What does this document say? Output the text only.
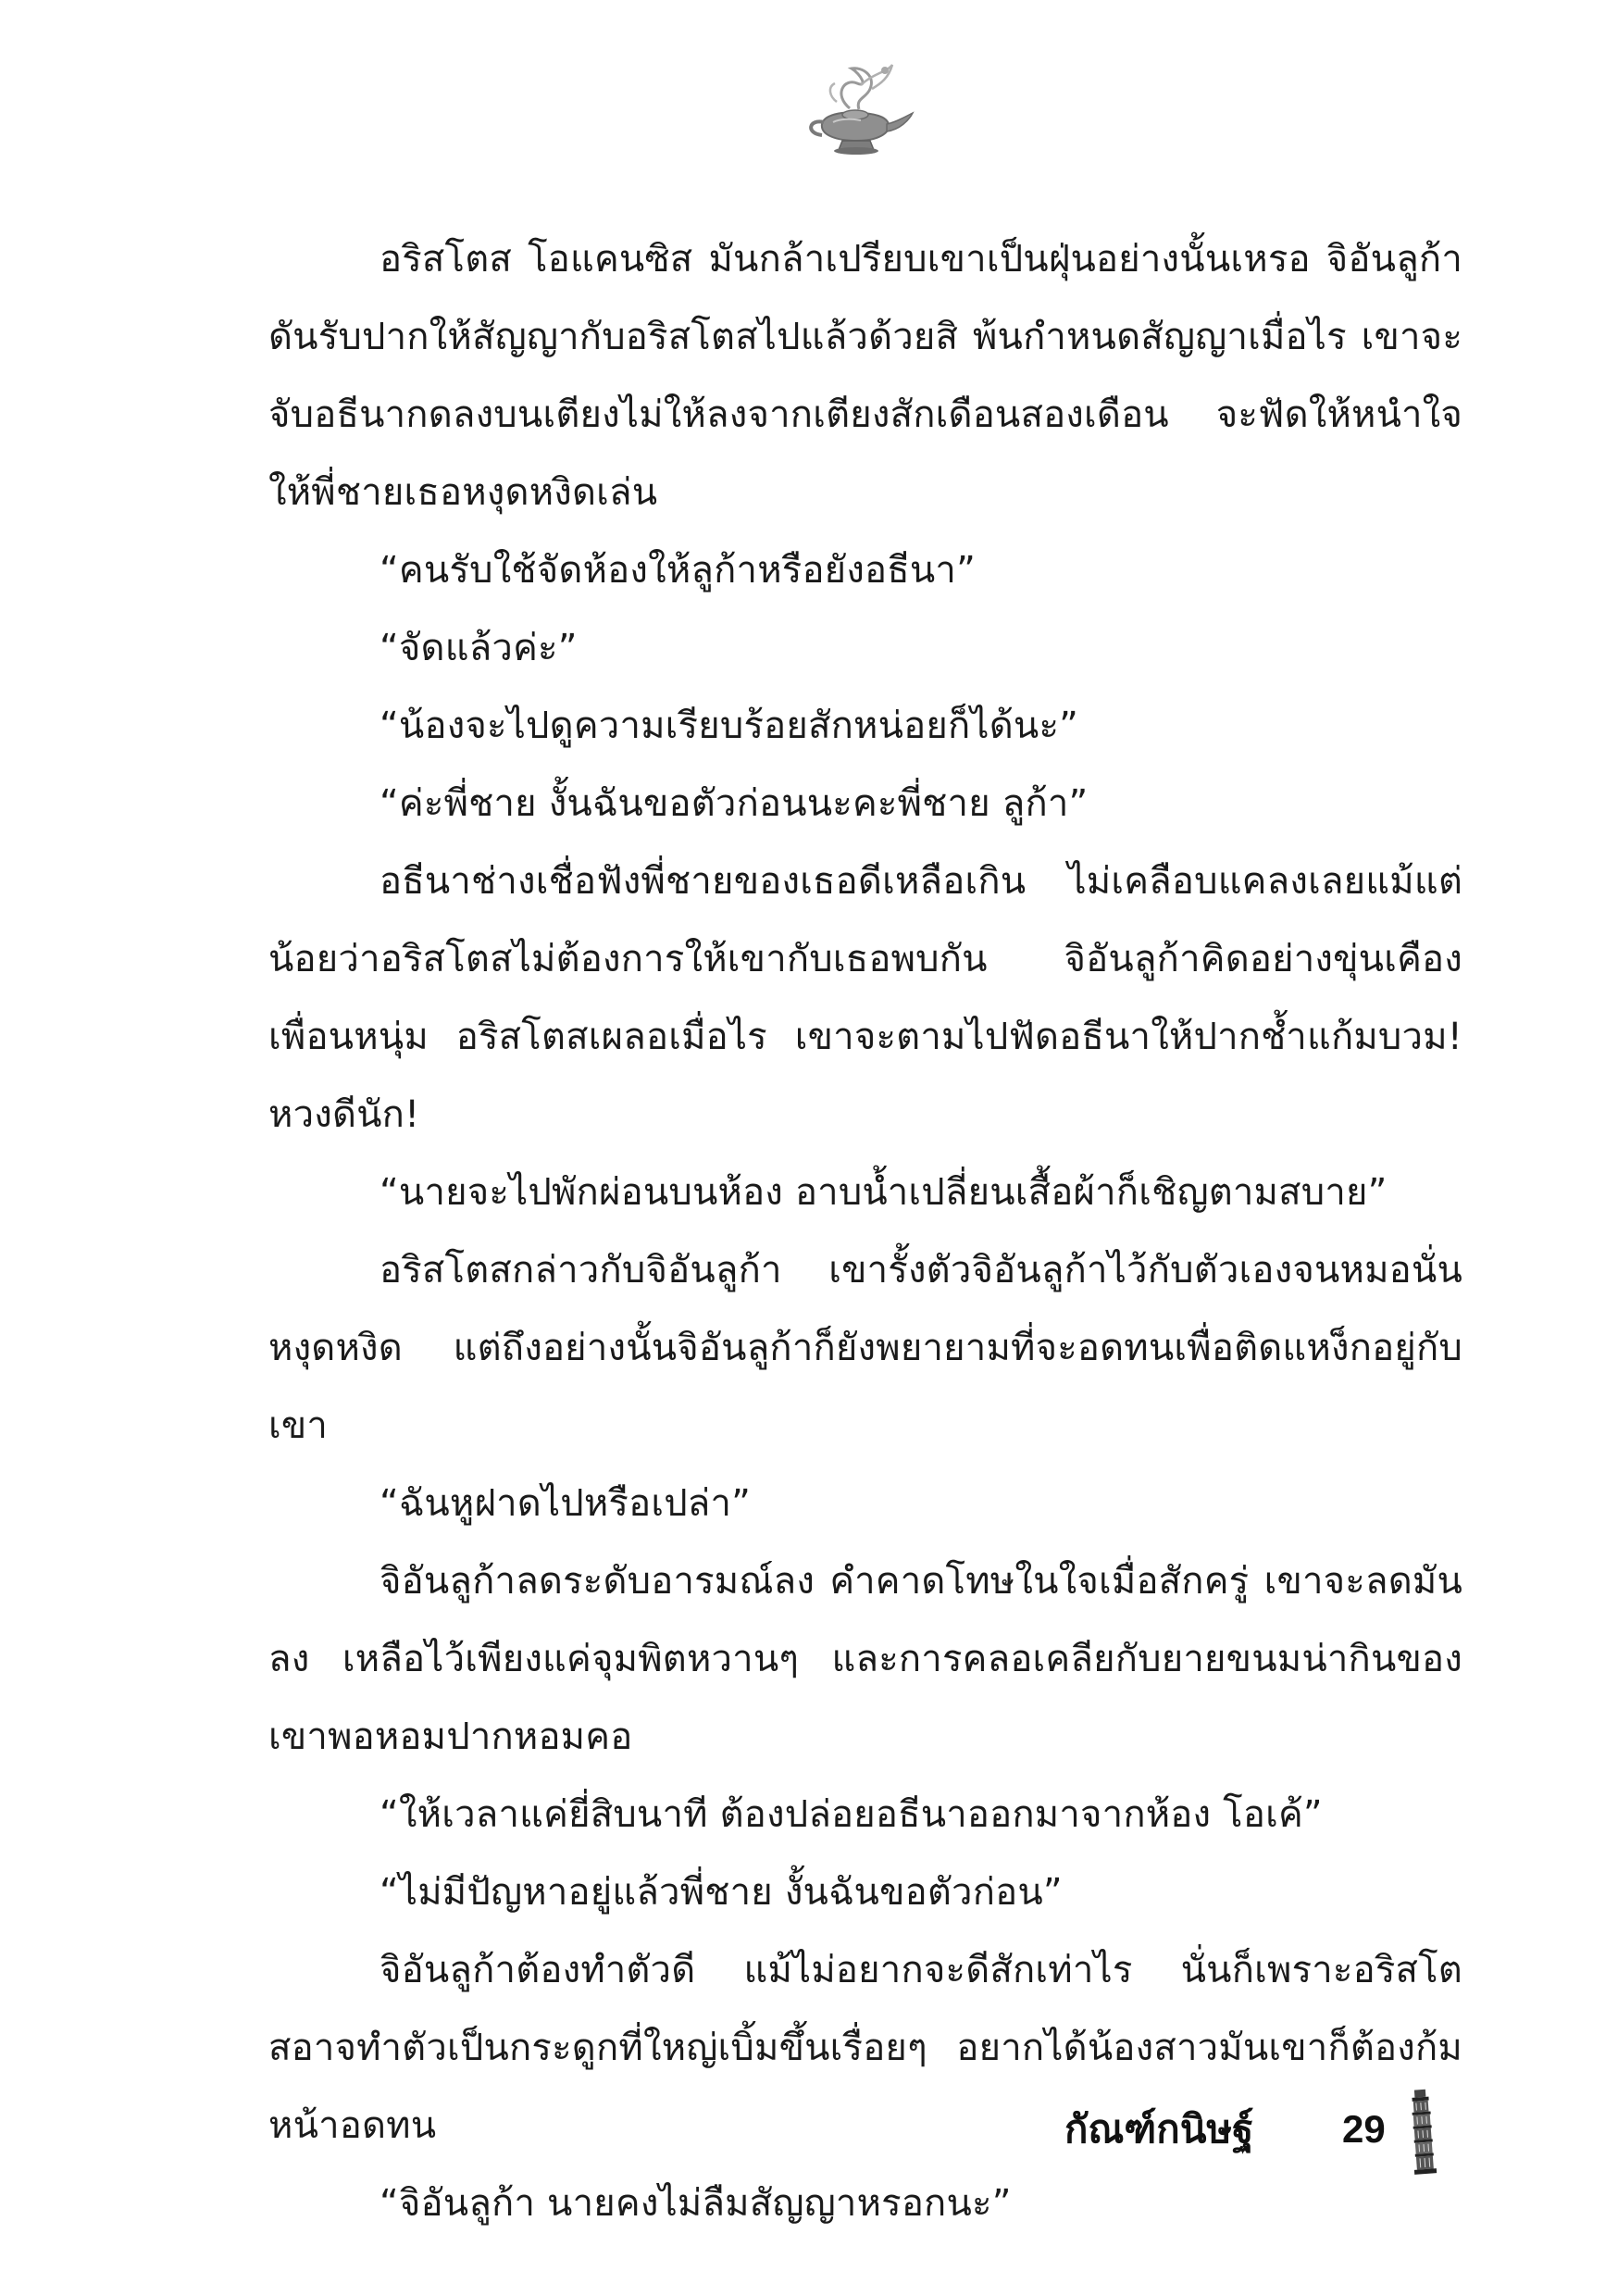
อริสโตส โอแคนซิส มันกล้าเปรียบเขาเป็นฝุ่นอย่างนั้นเหรอ จิอันลูก้าดันรับปากให้สัญญากับอริสโตสไปแล้วด้วยสิ พ้นกำหนดสัญญาเมื่อไร เขาจะจับอธีนากดลงบนเตียงไม่ให้ลงจากเตียงสักเดือนสองเดือน จะฟัดให้หนำใจ ให้พี่ชายเธอหงุดหงิดเล่น

“คนรับใช้จัดห้องให้ลูก้าหรือยังอธีนา”

“จัดแล้วค่ะ”

“น้องจะไปดูความเรียบร้อยสักหน่อยก็ได้นะ”

“ค่ะพี่ชาย งั้นฉันขอตัวก่อนนะคะพี่ชาย ลูก้า”

อธีนาช่างเชื่อฟังพี่ชายของเธอดีเหลือเกิน ไม่เคลือบแคลงเลยแม้แต่น้อยว่าอริสโตสไม่ต้องการให้เขากับเธอพบกัน จิอันลูก้าคิดอย่างขุ่นเคืองเพื่อนหนุ่ม อริสโตสเผลอเมื่อไร เขาจะตามไปฟัดอธีนาให้ปากช้ำแก้มบวม! หวงดีนัก!

“นายจะไปพักผ่อนบนห้อง อาบน้ำเปลี่ยนเสื้อผ้าก็เชิญตามสบาย”

อริสโตสกล่าวกับจิอันลูก้า เขารั้งตัวจิอันลูก้าไว้กับตัวเองจนหมอนั่นหงุดหงิด แต่ถึงอย่างนั้นจิอันลูก้าก็ยังพยายามที่จะอดทนเพื่อติดแหง็กอยู่กับเขา

“ฉันหูฝาดไปหรือเปล่า”

จิอันลูก้าลดระดับอารมณ์ลง คำคาดโทษในใจเมื่อสักครู่ เขาจะลดมันลง เหลือไว้เพียงแค่จุมพิตหวานๆ และการคลอเคลียกับยายขนมน่ากินของเขาพอหอมปากหอมคอ

“ให้เวลาแค่ยี่สิบนาที ต้องปล่อยอธีนาออกมาจากห้อง โอเค้”

“ไม่มีปัญหาอยู่แล้วพี่ชาย งั้นฉันขอตัวก่อน”

จิอันลูก้าต้องทำตัวดี แม้ไม่อยากจะดีสักเท่าไร นั่นก็เพราะอริสโตสอาจทำตัวเป็นกระดูกที่ใหญ่เบิ้มขึ้นเรื่อยๆ อยากได้น้องสาวมันเขาก็ต้องก้มหน้าอดทน

“จิอันลูก้า นายคงไม่ลืมสัญญาหรอกนะ”

กัณฑ์กนิษฐ์ 29
